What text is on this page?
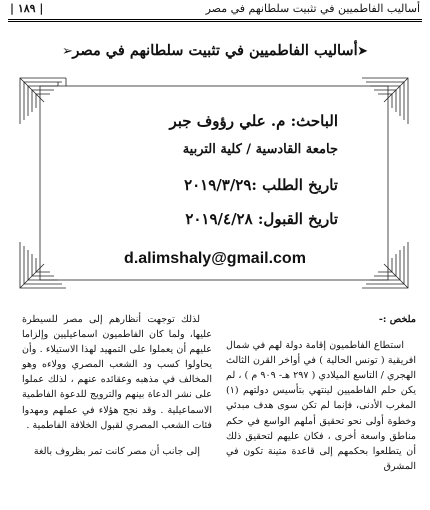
أساليب الفاطميين في تثبيت سلطانهم في مصر
| ١٨٩ |
➢ أساليب الفاطميين في تثبيت سلطانهم في مصر ➤
الباحث: م. علي رؤوف جبر
جامعة القادسية / كلية التربية
تاريخ الطلب :٢٠١٩/٣/٢٩
تاريخ القبول: ٢٠١٩/٤/٢٨
d.alimshaly@gmail.com

ملخص :-

استطاع الفاطميون إقامة دولة لهم في شمال افريقية ( تونس الحالية ) في أواخر القرن الثالث الهجري / التاسع الميلادي ( ٢٩٧ هـ- ٩٠٩ م ) ، لم يكن حلم الفاطميين لينتهي بتأسيس دولتهم (١) المغرب الأدنى، فإنما لم تكن سوى هدف مبدئي وخطوة أولى نحو تحقيق أملهم الواسع في حكم مناطق واسعة أخرى ، فكان عليهم لتحقيق ذلك أن يتطلعوا بحكمهم إلى قاعدة متينة تكون في المشرق

لذلك توجهت أنظارهم إلى مصر للسيطرة عليها، ولما كان الفاطميون اسماعيليين وإلزاما عليهم أن يعملوا على التمهيد لهذا الاستيلاء . وأن يحاولوا كسب ود الشعب المصري وولاءه وهو المخالف في مذهبه وعقائده عنهم ، لذلك عملوا على نشر الدعاة بينهم والترويج للدعوة الفاطمية الاسماعيلية . وقد نجح هؤلاء في عملهم ومهدوا فئات الشعب المصري لقبول الخلافة الفاطمية .

إلى جانب أن مصر كانت تمر بظروف بالغة
